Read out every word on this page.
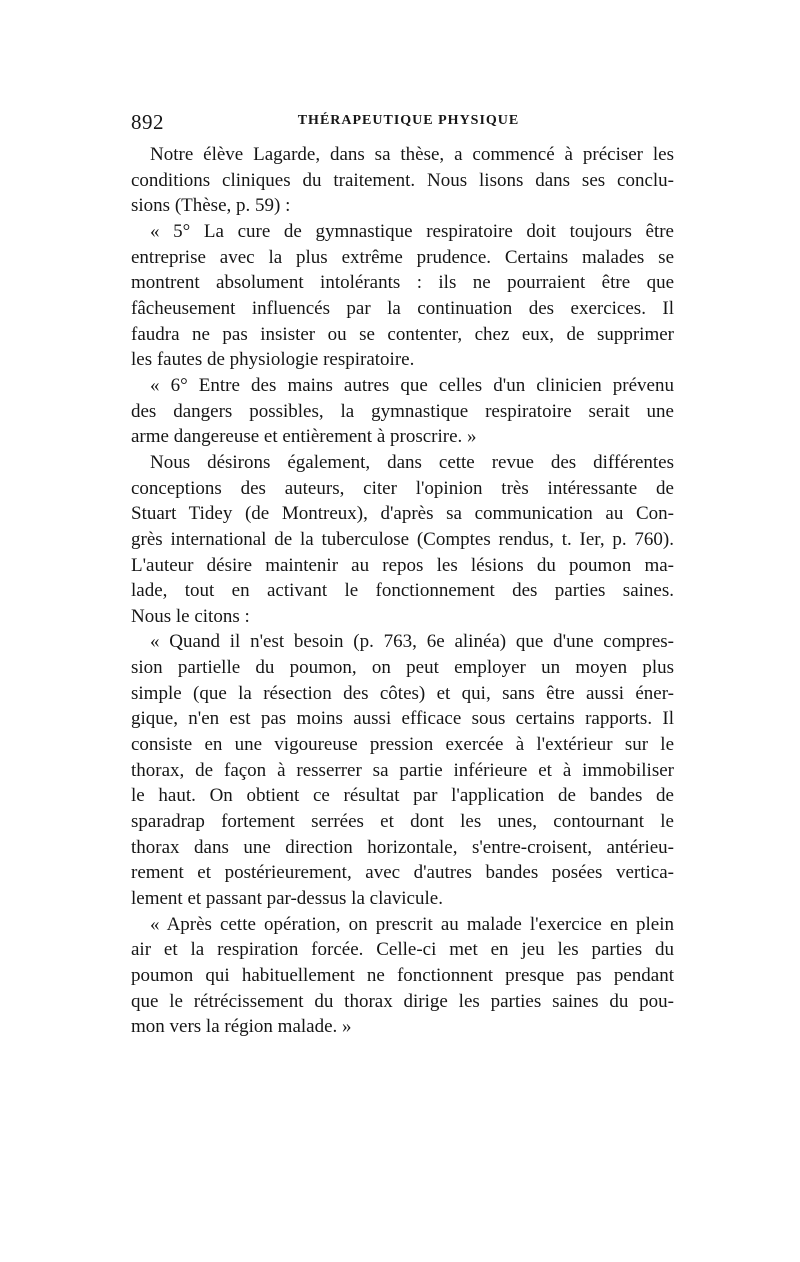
892	THÉRAPEUTIQUE PHYSIQUE

Notre élève Lagarde, dans sa thèse, a commencé à préciser les
conditions cliniques du traitement. Nous lisons dans ses conclu-
sions (Thèse, p. 59) :

« 5° La cure de gymnastique respiratoire doit toujours être
entreprise avec la plus extrême prudence. Certains malades se
montrent absolument intolérants : ils ne pourraient être que
fâcheusement influencés par la continuation des exercices. Il
faudra ne pas insister ou se contenter, chez eux, de supprimer
les fautes de physiologie respiratoire.

« 6° Entre des mains autres que celles d'un clinicien prévenu
des dangers possibles, la gymnastique respiratoire serait une
arme dangereuse et entièrement à proscrire. »

Nous désirons également, dans cette revue des différentes
conceptions des auteurs, citer l'opinion très intéressante de
Stuart Tidey (de Montreux), d'après sa communication au Con-
grès international de la tuberculose (Comptes rendus, t. Ier, p. 760).
L'auteur désire maintenir au repos les lésions du poumon ma-
lade, tout en activant le fonctionnement des parties saines.
Nous le citons :

« Quand il n'est besoin (p. 763, 6e alinéa) que d'une compres-
sion partielle du poumon, on peut employer un moyen plus
simple (que la résection des côtes) et qui, sans être aussi éner-
gique, n'en est pas moins aussi efficace sous certains rapports. Il
consiste en une vigoureuse pression exercée à l'extérieur sur le
thorax, de façon à resserrer sa partie inférieure et à immobiliser
le haut. On obtient ce résultat par l'application de bandes de
sparadrap fortement serrées et dont les unes, contournant le
thorax dans une direction horizontale, s'entre-croisent, antérieu-
rement et postérieurement, avec d'autres bandes posées vertica-
lement et passant par-dessus la clavicule.

« Après cette opération, on prescrit au malade l'exercice en plein
air et la respiration forcée. Celle-ci met en jeu les parties du
poumon qui habituellement ne fonctionnent presque pas pendant
que le rétrécissement du thorax dirige les parties saines du pou-
mon vers la région malade. »
